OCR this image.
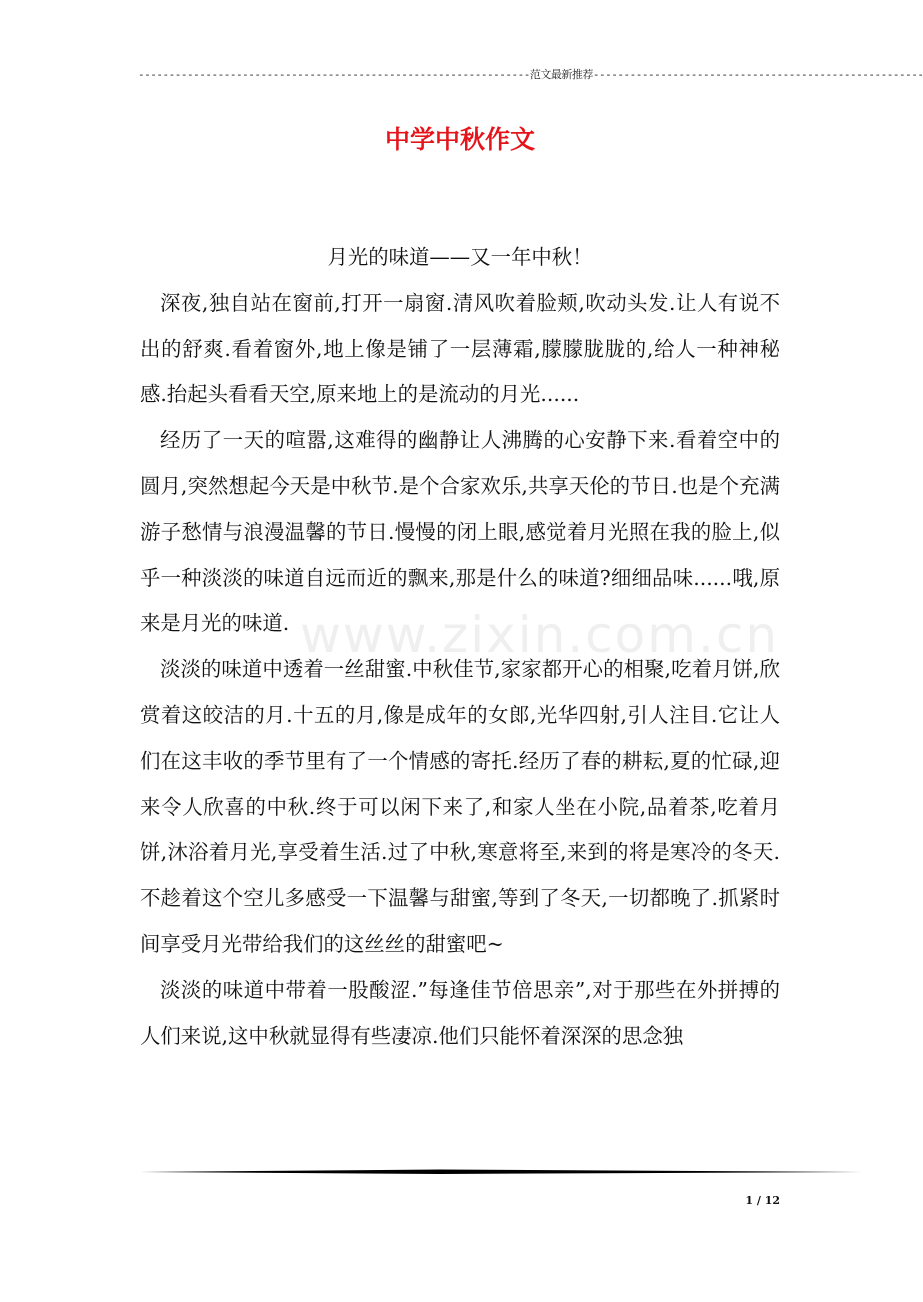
----------------------------------------------------------------范文最新推荐------------------------------------------------------
中学中秋作文

月光的味道——又一年中秋！

深夜,独自站在窗前,打开一扇窗.清风吹着脸颊,吹动头发.让人有说不出的舒爽.看着窗外,地上像是铺了一层薄霜,朦朦胧胧的,给人一种神秘感.抬起头看看天空,原来地上的是流动的月光......

经历了一天的喧嚣,这难得的幽静让人沸腾的心安静下来.看着空中的圆月,突然想起今天是中秋节.是个合家欢乐,共享天伦的节日.也是个充满游子愁情与浪漫温馨的节日.慢慢的闭上眼,感觉着月光照在我的脸上,似乎一种淡淡的味道自远而近的飘来,那是什么的味道?细细品味......哦,原来是月光的味道.

淡淡的味道中透着一丝甜蜜.中秋佳节,家家都开心的相聚,吃着月饼,欣赏着这皎洁的月.十五的月,像是成年的女郎,光华四射,引人注目.它让人们在这丰收的季节里有了一个情感的寄托.经历了春的耕耘,夏的忙碌,迎来令人欣喜的中秋.终于可以闲下来了,和家人坐在小院,品着茶,吃着月饼,沐浴着月光,享受着生活.过了中秋,寒意将至,来到的将是寒冷的冬天.不趁着这个空儿多感受一下温馨与甜蜜,等到了冬天,一切都晚了.抓紧时间享受月光带给我们的这丝丝的甜蜜吧~

淡淡的味道中带着一股酸涩.”每逢佳节倍思亲”,对于那些在外拼搏的人们来说,这中秋就显得有些凄凉.他们只能怀着深深的思念独

www.zixin.com.cn
1 / 12
